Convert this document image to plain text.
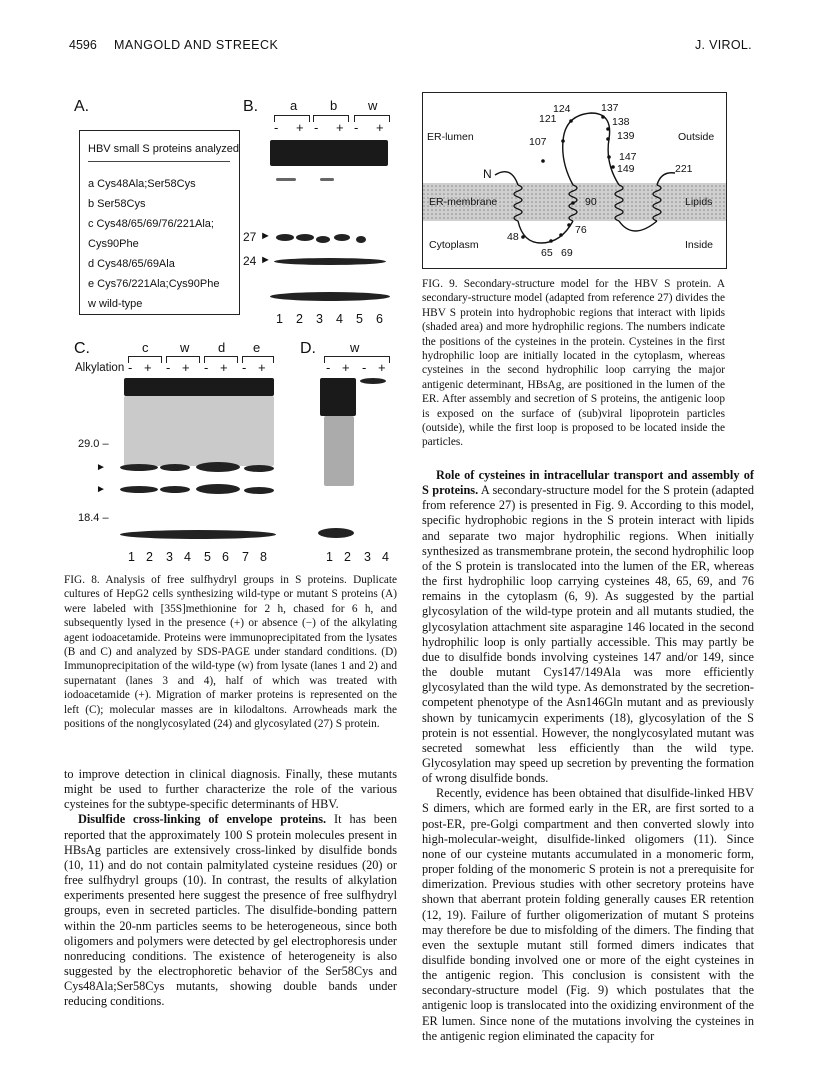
4596 MANGOLD AND STREECK	J. VIROL.
A.
HBV small S proteins analyzed
a Cys48Ala;Ser58Cys
b Ser58Cys
c Cys48/65/69/76/221Ala;
Cys90Phe
d Cys48/65/69Ala
e Cys76/221Ala;Cys90Phe
w wild-type
B. a	b w
- + - + - +
27 ►
24 ►
1 2 3 4 5 6
C.	c w d e
Alkylation - + - + - + - +
29.0 –
►
►
18.4 –
1 2 3 4 5 6 7 8
D.	w
- + - +
1 2 3 4
FIG. 8. Analysis of free sulfhydryl groups in S proteins. Duplicate cultures of HepG2 cells synthesizing wild-type or mutant S proteins (A) were labeled with [35S]methionine for 2 h, chased for 6 h, and subsequently lysed in the presence (+) or absence (−) of the alkylating agent iodoacetamide. Proteins were immunoprecipitated from the lysates (B and C) and analyzed by SDS-PAGE under standard conditions. (D) Immunoprecipitation of the wild-type (w) from lysate (lanes 1 and 2) and supernatant (lanes 3 and 4), half of which was treated with iodoacetamide (+). Migration of marker proteins is represented on the left (C); molecular masses are in kilodaltons. Arrowheads mark the positions of the nonglycosylated (24) and glycosylated (27) S protein.

to improve detection in clinical diagnosis. Finally, these mutants might be used to further characterize the role of the various cysteines for the subtype-specific determinants of HBV.

Disulfide cross-linking of envelope proteins. It has been reported that the approximately 100 S protein molecules present in HBsAg particles are extensively cross-linked by disulfide bonds (10, 11) and do not contain palmitylated cysteine residues (20) or free sulfhydryl groups (10). In contrast, the results of alkylation experiments presented here suggest the presence of free sulfhydryl groups, even in secreted particles. The disulfide-bonding pattern within the 20-nm particles seems to be heterogeneous, since both oligomers and polymers were detected by gel electrophoresis under nonreducing conditions. The existence of heterogeneity is also suggested by the electrophoretic behavior of the Ser58Cys and Cys48Ala;Ser58Cys mutants, showing double bands under reducing conditions.

ER-lumen	Outside
ER-membrane	Lipids
Cytoplasm	Inside
N
124	137
121	138
139
107
147
149	221
90
76
48
65 69
FIG. 9. Secondary-structure model for the HBV S protein. A secondary-structure model (adapted from reference 27) divides the HBV S protein into hydrophobic regions that interact with lipids (shaded area) and more hydrophilic regions. The numbers indicate the positions of the cysteines in the protein. Cysteines in the first hydrophilic loop are initially located in the cytoplasm, whereas cysteines in the second hydrophilic loop carrying the major antigenic determinant, HBsAg, are positioned in the lumen of the ER. After assembly and secretion of S proteins, the antigenic loop is exposed on the surface of (sub)viral lipoprotein particles (outside), while the first loop is proposed to be located inside the particles.

Role of cysteines in intracellular transport and assembly of S proteins. A secondary-structure model for the S protein (adapted from reference 27) is presented in Fig. 9. According to this model, specific hydrophobic regions in the S protein interact with lipids and separate two major hydrophilic regions. When initially synthesized as transmembrane protein, the second hydrophilic loop of the S protein is translocated into the lumen of the ER, whereas the first hydrophilic loop carrying cysteines 48, 65, 69, and 76 remains in the cytoplasm (6, 9). As suggested by the partial glycosylation of the wild-type protein and all mutants studied, the glycosylation attachment site asparagine 146 located in the second hydrophilic loop is only partially accessible. This may partly be due to disulfide bonds involving cysteines 147 and/or 149, since the double mutant Cys147/149Ala was more efficiently glycosylated than the wild type. As demonstrated by the secretion-competent phenotype of the Asn146Gln mutant and as previously shown by tunicamycin experiments (18), glycosylation of the S protein is not essential. However, the nonglycosylated mutant was secreted somewhat less efficiently than the wild type. Glycosylation may speed up secretion by preventing the formation of wrong disulfide bonds.

Recently, evidence has been obtained that disulfide-linked HBV S dimers, which are formed early in the ER, are first sorted to a post-ER, pre-Golgi compartment and then converted slowly into high-molecular-weight, disulfide-linked oligomers (11). Since none of our cysteine mutants accumulated in a monomeric form, proper folding of the monomeric S protein is not a prerequisite for dimerization. Previous studies with other secretory proteins have shown that aberrant protein folding generally causes ER retention (12, 19). Failure of further oligomerization of mutant S proteins may therefore be due to misfolding of the dimers. The finding that even the sextuple mutant still formed dimers indicates that disulfide bonding involved one or more of the eight cysteines in the antigenic region. This conclusion is consistent with the secondary-structure model (Fig. 9) which postulates that the antigenic loop is translocated into the oxidizing environment of the ER lumen. Since none of the mutations involving the cysteines in the antigenic region eliminated the capacity for
